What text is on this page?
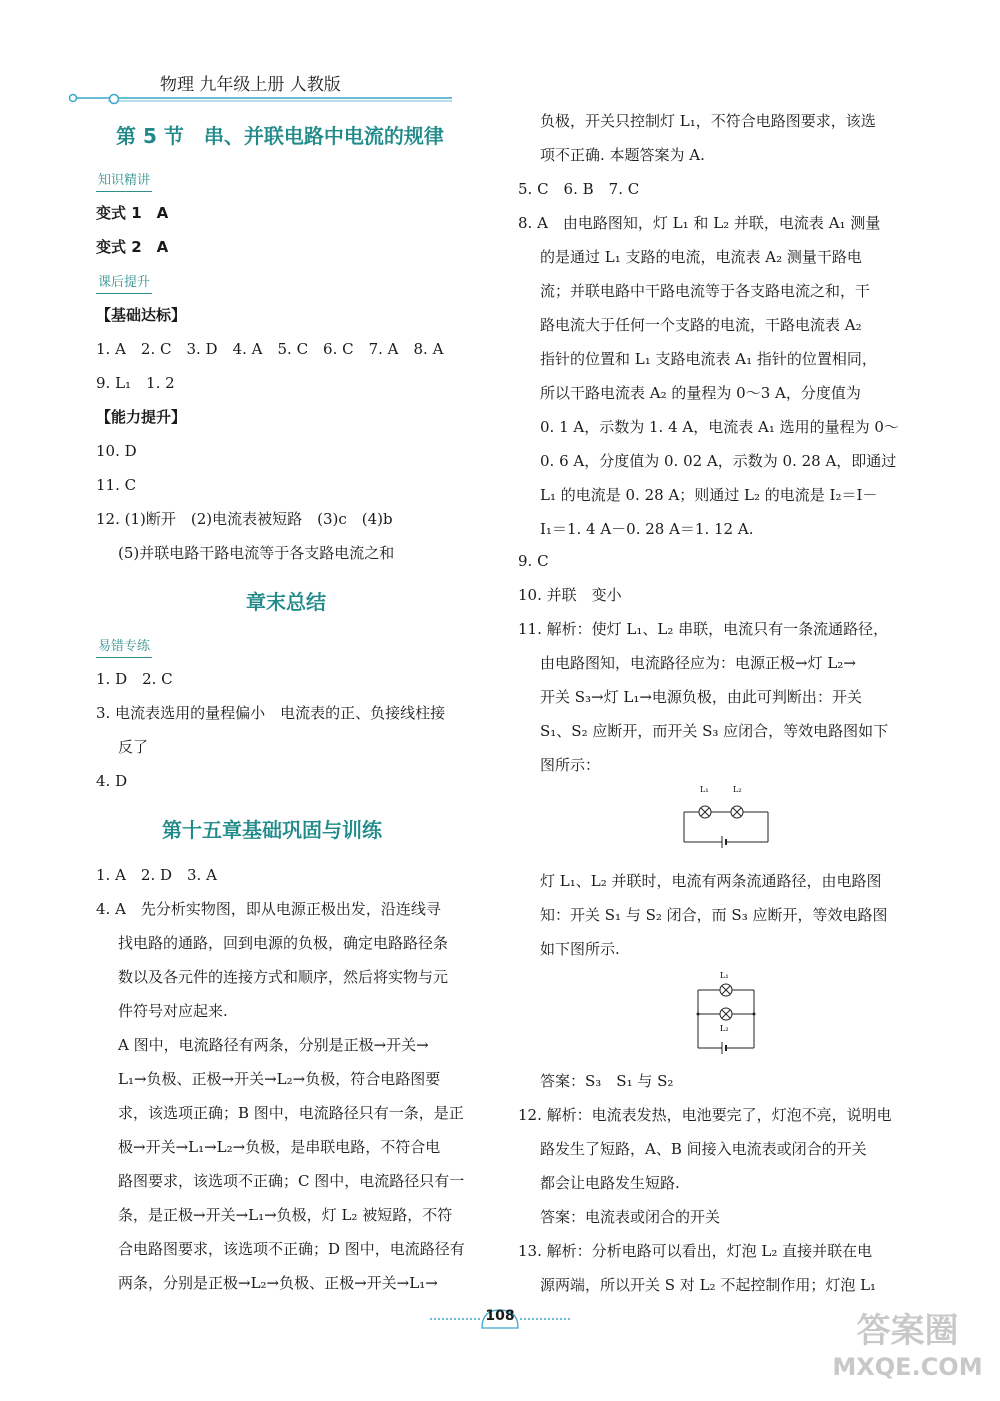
物理 九年级上册 人教版
第 5 节　串、并联电路中电流的规律
知识精讲
变式 1　A
变式 2　A
课后提升
【基础达标】
1. A　2. C　3. D　4. A　5. C　6. C　7. A　8. A
9. L₁　1. 2
【能力提升】
10. D
11. C
12. (1)断开　(2)电流表被短路　(3)c　(4)b
(5)并联电路干路电流等于各支路电流之和
章末总结
易错专练
1. D　2. C
3. 电流表选用的量程偏小　电流表的正、负接线柱接
反了
4. D
第十五章基础巩固与训练
1. A　2. D　3. A
4. A　先分析实物图，即从电源正极出发，沿连线寻
找电路的通路，回到电源的负极，确定电路路径条
数以及各元件的连接方式和顺序，然后将实物与元
件符号对应起来.
A 图中，电流路径有两条，分别是正极→开关→
L₁→负极、正极→开关→L₂→负极，符合电路图要
求，该选项正确；B 图中，电流路径只有一条，是正
极→开关→L₁→L₂→负极，是串联电路，不符合电
路图要求，该选项不正确；C 图中，电流路径只有一
条，是正极→开关→L₁→负极，灯 L₂ 被短路，不符
合电路图要求，该选项不正确；D 图中，电流路径有
两条，分别是正极→L₂→负极、正极→开关→L₁→
负极，开关只控制灯 L₁，不符合电路图要求，该选
项不正确. 本题答案为 A.
5. C　6. B　7. C
8. A　由电路图知，灯 L₁ 和 L₂ 并联，电流表 A₁ 测量
的是通过 L₁ 支路的电流，电流表 A₂ 测量干路电
流；并联电路中干路电流等于各支路电流之和，干
路电流大于任何一个支路的电流，干路电流表 A₂
指针的位置和 L₁ 支路电流表 A₁ 指针的位置相同，
所以干路电流表 A₂ 的量程为 0～3 A，分度值为
0. 1 A，示数为 1. 4 A，电流表 A₁ 选用的量程为 0～
0. 6 A，分度值为 0. 02 A，示数为 0. 28 A，即通过
L₁ 的电流是 0. 28 A；则通过 L₂ 的电流是 I₂＝I－
I₁＝1. 4 A－0. 28 A＝1. 12 A.
9. C
10. 并联　变小
11. 解析：使灯 L₁、L₂ 串联，电流只有一条流通路径，
由电路图知，电流路径应为：电源正极→灯 L₂→
开关 S₃→灯 L₁→电源负极，由此可判断出：开关
S₁、S₂ 应断开，而开关 S₃ 应闭合，等效电路图如下
图所示：
L₁	L₂
灯 L₁、L₂ 并联时，电流有两条流通路径，由电路图
知：开关 S₁ 与 S₂ 闭合，而 S₃ 应断开，等效电路图
如下图所示.
L₁
L₂
答案：S₃　S₁ 与 S₂
12. 解析：电流表发热，电池要完了，灯泡不亮，说明电
路发生了短路，A、B 间接入电流表或闭合的开关
都会让电路发生短路.
答案：电流表或闭合的开关
13. 解析：分析电路可以看出，灯泡 L₂ 直接并联在电
源两端，所以开关 S 对 L₂ 不起控制作用；灯泡 L₁
108	答案圈
MXQE.COM
